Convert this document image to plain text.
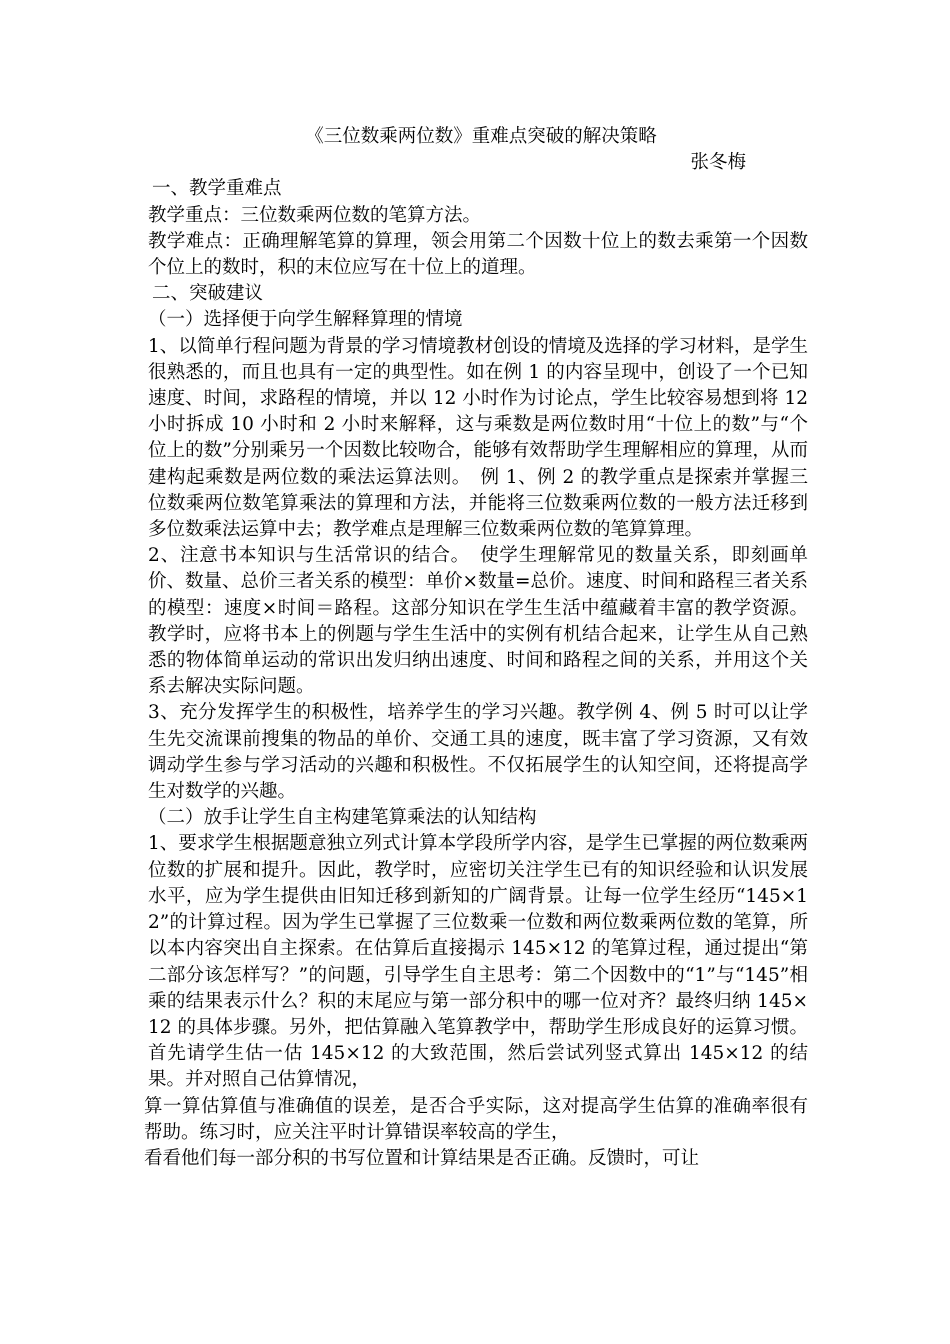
《三位数乘两位数》重难点突破的解决策略

张冬梅

一、教学重难点

教学重点：三位数乘两位数的笔算方法。

教学难点：正确理解笔算的算理，领会用第二个因数十位上的数去乘第一个因数个位上的数时，积的末位应写在十位上的道理。

二、突破建议

（一）选择便于向学生解释算理的情境

1、以简单行程问题为背景的学习情境教材创设的情境及选择的学习材料，是学生很熟悉的，而且也具有一定的典型性。如在例 1 的内容呈现中，创设了一个已知速度、时间，求路程的情境，并以 12 小时作为讨论点，学生比较容易想到将 12 小时拆成 10 小时和 2 小时来解释，这与乘数是两位数时用“十位上的数”与“个位上的数”分别乘另一个因数比较吻合，能够有效帮助学生理解相应的算理，从而建构起乘数是两位数的乘法运算法则。　例 1、例 2 的教学重点是探索并掌握三位数乘两位数笔算乘法的算理和方法，并能将三位数乘两位数的一般方法迁移到多位数乘法运算中去；教学难点是理解三位数乘两位数的笔算算理。

2、注意书本知识与生活常识的结合。　使学生理解常见的数量关系，即刻画单价、数量、总价三者关系的模型：单价×数量=总价。速度、时间和路程三者关系的模型：速度×时间＝路程。这部分知识在学生生活中蕴藏着丰富的教学资源。教学时，应将书本上的例题与学生生活中的实例有机结合起来，让学生从自己熟悉的物体简单运动的常识出发归纳出速度、时间和路程之间的关系，并用这个关系去解决实际问题。

3、充分发挥学生的积极性，培养学生的学习兴趣。教学例 4、例 5 时可以让学生先交流课前搜集的物品的单价、交通工具的速度，既丰富了学习资源，又有效调动学生参与学习活动的兴趣和积极性。不仅拓展学生的认知空间，还将提高学生对数学的兴趣。

（二）放手让学生自主构建笔算乘法的认知结构

1、要求学生根据题意独立列式计算本学段所学内容，是学生已掌握的两位数乘两位数的扩展和提升。因此，教学时，应密切关注学生已有的知识经验和认识发展水平，应为学生提供由旧知迁移到新知的广阔背景。让每一位学生经历“145×12”的计算过程。因为学生已掌握了三位数乘一位数和两位数乘两位数的笔算，所以本内容突出自主探索。在估算后直接揭示 145×12 的笔算过程，通过提出“第二部分该怎样写？”的问题，引导学生自主思考：第二个因数中的“1”与“145”相乘的结果表示什么？积的末尾应与第一部分积中的哪一位对齐？最终归纳 145×12 的具体步骤。另外，把估算融入笔算教学中，帮助学生形成良好的运算习惯。首先请学生估一估 145×12 的大致范围，然后尝试列竖式算出 145×12 的结果。并对照自己估算情况，

算一算估算值与准确值的误差，是否合乎实际，这对提高学生估算的准确率很有帮助。练习时，应关注平时计算错误率较高的学生，

看看他们每一部分积的书写位置和计算结果是否正确。反馈时，可让
